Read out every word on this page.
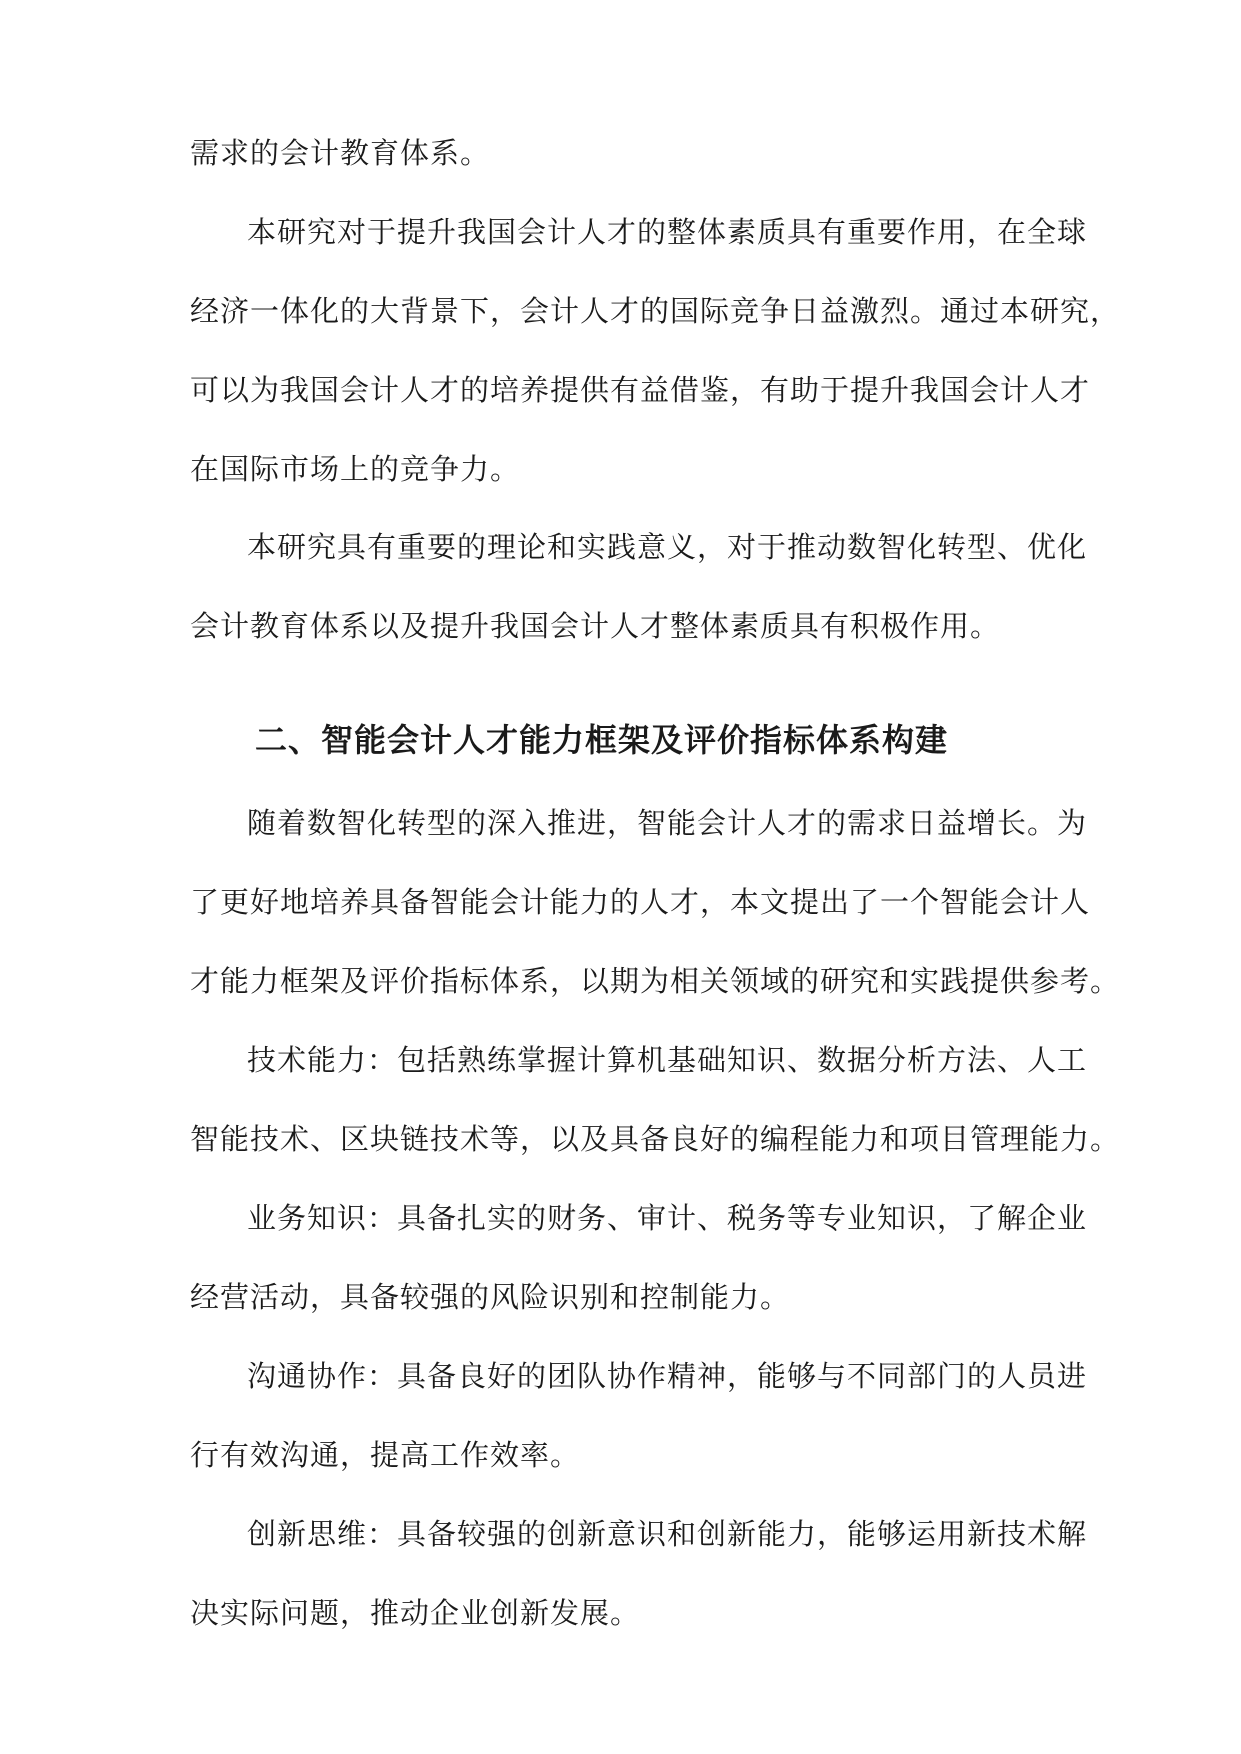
需求的会计教育体系。
本研究对于提升我国会计人才的整体素质具有重要作用，在全球
经济一体化的大背景下，会计人才的国际竞争日益激烈。通过本研究，
可以为我国会计人才的培养提供有益借鉴，有助于提升我国会计人才
在国际市场上的竞争力。
本研究具有重要的理论和实践意义，对于推动数智化转型、优化
会计教育体系以及提升我国会计人才整体素质具有积极作用。
二、智能会计人才能力框架及评价指标体系构建
随着数智化转型的深入推进，智能会计人才的需求日益增长。为
了更好地培养具备智能会计能力的人才，本文提出了一个智能会计人
才能力框架及评价指标体系，以期为相关领域的研究和实践提供参考。
技术能力：包括熟练掌握计算机基础知识、数据分析方法、人工
智能技术、区块链技术等，以及具备良好的编程能力和项目管理能力。
业务知识：具备扎实的财务、审计、税务等专业知识，了解企业
经营活动，具备较强的风险识别和控制能力。
沟通协作：具备良好的团队协作精神，能够与不同部门的人员进
行有效沟通，提高工作效率。
创新思维：具备较强的创新意识和创新能力，能够运用新技术解
决实际问题，推动企业创新发展。
